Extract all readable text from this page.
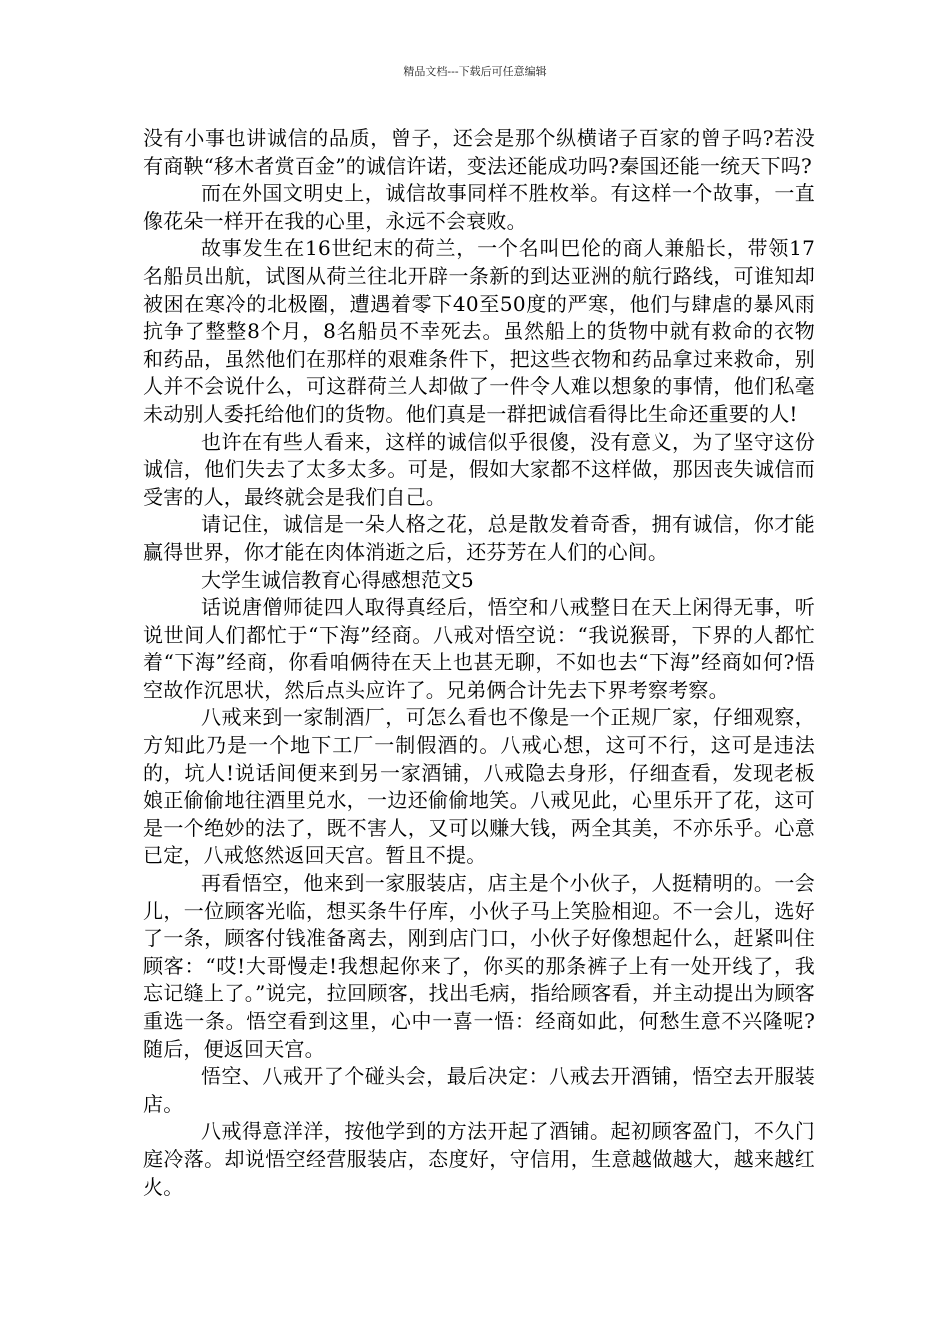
精品文档---下载后可任意编辑

没有小事也讲诚信的品质，曾子，还会是那个纵横诸子百家的曾子吗?若没有商鞅“移木者赏百金”的诚信许诺，变法还能成功吗?秦国还能一统天下吗?

而在外国文明史上，诚信故事同样不胜枚举。有这样一个故事，一直像花朵一样开在我的心里，永远不会衰败。

故事发生在16世纪末的荷兰，一个名叫巴伦的商人兼船长，带领17名船员出航，试图从荷兰往北开辟一条新的到达亚洲的航行路线，可谁知却被困在寒冷的北极圈，遭遇着零下40至50度的严寒，他们与肆虐的暴风雨抗争了整整8个月，8名船员不幸死去。虽然船上的货物中就有救命的衣物和药品，虽然他们在那样的艰难条件下，把这些衣物和药品拿过来救命，别人并不会说什么，可这群荷兰人却做了一件令人难以想象的事情，他们私毫未动别人委托给他们的货物。他们真是一群把诚信看得比生命还重要的人!

也许在有些人看来，这样的诚信似乎很傻，没有意义，为了坚守这份诚信，他们失去了太多太多。可是，假如大家都不这样做，那因丧失诚信而受害的人，最终就会是我们自己。

请记住，诚信是一朵人格之花，总是散发着奇香，拥有诚信，你才能赢得世界，你才能在肉体消逝之后，还芬芳在人们的心间。

大学生诚信教育心得感想范文5

话说唐僧师徒四人取得真经后，悟空和八戒整日在天上闲得无事，听说世间人们都忙于“下海”经商。八戒对悟空说：“我说猴哥，下界的人都忙着“下海”经商，你看咱俩待在天上也甚无聊，不如也去“下海”经商如何?悟空故作沉思状，然后点头应许了。兄弟俩合计先去下界考察考察。

八戒来到一家制酒厂，可怎么看也不像是一个正规厂家，仔细观察，方知此乃是一个地下工厂一制假酒的。八戒心想，这可不行，这可是违法的，坑人!说话间便来到另一家酒铺，八戒隐去身形，仔细查看，发现老板娘正偷偷地往酒里兑水，一边还偷偷地笑。八戒见此，心里乐开了花，这可是一个绝妙的法了，既不害人，又可以赚大钱，两全其美，不亦乐乎。心意已定，八戒悠然返回天宫。暂且不提。

再看悟空，他来到一家服装店，店主是个小伙子，人挺精明的。一会儿，一位顾客光临，想买条牛仔库，小伙子马上笑脸相迎。不一会儿，选好了一条，顾客付钱准备离去，刚到店门口，小伙子好像想起什么，赶紧叫住顾客：“哎!大哥慢走!我想起你来了，你买的那条裤子上有一处开线了，我忘记缝上了。”说完，拉回顾客，找出毛病，指给顾客看，并主动提出为顾客重选一条。悟空看到这里，心中一喜一悟：经商如此，何愁生意不兴隆呢?随后，便返回天宫。

悟空、八戒开了个碰头会，最后决定：八戒去开酒铺，悟空去开服装店。

八戒得意洋洋，按他学到的方法开起了酒铺。起初顾客盈门，不久门庭冷落。却说悟空经营服装店，态度好，守信用，生意越做越大，越来越红火。
